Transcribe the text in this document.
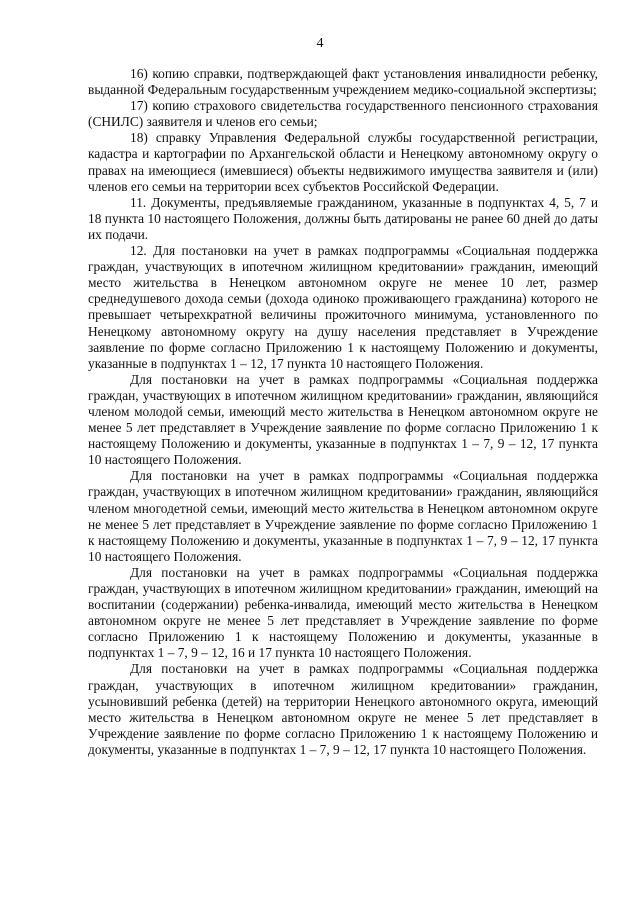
4

16) копию справки, подтверждающей факт установления инвалидности ребенку, выданной Федеральным государственным учреждением медико-социальной экспертизы;

17) копию страхового свидетельства государственного пенсионного страхования (СНИЛС) заявителя и членов его семьи;

18) справку Управления Федеральной службы государственной регистрации, кадастра и картографии по Архангельской области и Ненецкому автономному округу о правах на имеющиеся (имевшиеся) объекты недвижимого имущества заявителя и (или) членов его семьи на территории всех субъектов Российской Федерации.

11. Документы, предъявляемые гражданином, указанные в подпунктах 4, 5, 7 и 18 пункта 10 настоящего Положения, должны быть датированы не ранее 60 дней до даты их подачи.

12. Для постановки на учет в рамках подпрограммы «Социальная поддержка граждан, участвующих в ипотечном жилищном кредитовании» гражданин, имеющий место жительства в Ненецком автономном округе не менее 10 лет, размер среднедушевого дохода семьи (дохода одиноко проживающего гражданина) которого не превышает четырехкратной величины прожиточного минимума, установленного по Ненецкому автономному округу на душу населения представляет в Учреждение заявление по форме согласно Приложению 1 к настоящему Положению и документы, указанные в подпунктах 1 – 12, 17 пункта 10 настоящего Положения.

Для постановки на учет в рамках подпрограммы «Социальная поддержка граждан, участвующих в ипотечном жилищном кредитовании» гражданин, являющийся членом молодой семьи, имеющий место жительства в Ненецком автономном округе не менее 5 лет представляет в Учреждение заявление по форме согласно Приложению 1 к настоящему Положению и документы, указанные в подпунктах 1 – 7, 9 – 12, 17 пункта 10 настоящего Положения.

Для постановки на учет в рамках подпрограммы «Социальная поддержка граждан, участвующих в ипотечном жилищном кредитовании» гражданин, являющийся членом многодетной семьи, имеющий место жительства в Ненецком автономном округе не менее 5 лет представляет в Учреждение заявление по форме согласно Приложению 1 к настоящему Положению и документы, указанные в подпунктах 1 – 7, 9 – 12, 17 пункта 10 настоящего Положения.

Для постановки на учет в рамках подпрограммы «Социальная поддержка граждан, участвующих в ипотечном жилищном кредитовании» гражданин, имеющий на воспитании (содержании) ребенка-инвалида, имеющий место жительства в Ненецком автономном округе не менее 5 лет представляет в Учреждение заявление по форме согласно Приложению 1 к настоящему Положению и документы, указанные в подпунктах 1 – 7, 9 – 12, 16 и 17 пункта 10 настоящего Положения.

Для постановки на учет в рамках подпрограммы «Социальная поддержка граждан, участвующих в ипотечном жилищном кредитовании» гражданин, усыновивший ребенка (детей) на территории Ненецкого автономного округа, имеющий место жительства в Ненецком автономном округе не менее 5 лет представляет в Учреждение заявление по форме согласно Приложению 1 к настоящему Положению и документы, указанные в подпунктах 1 – 7, 9 – 12, 17 пункта 10 настоящего Положения.
